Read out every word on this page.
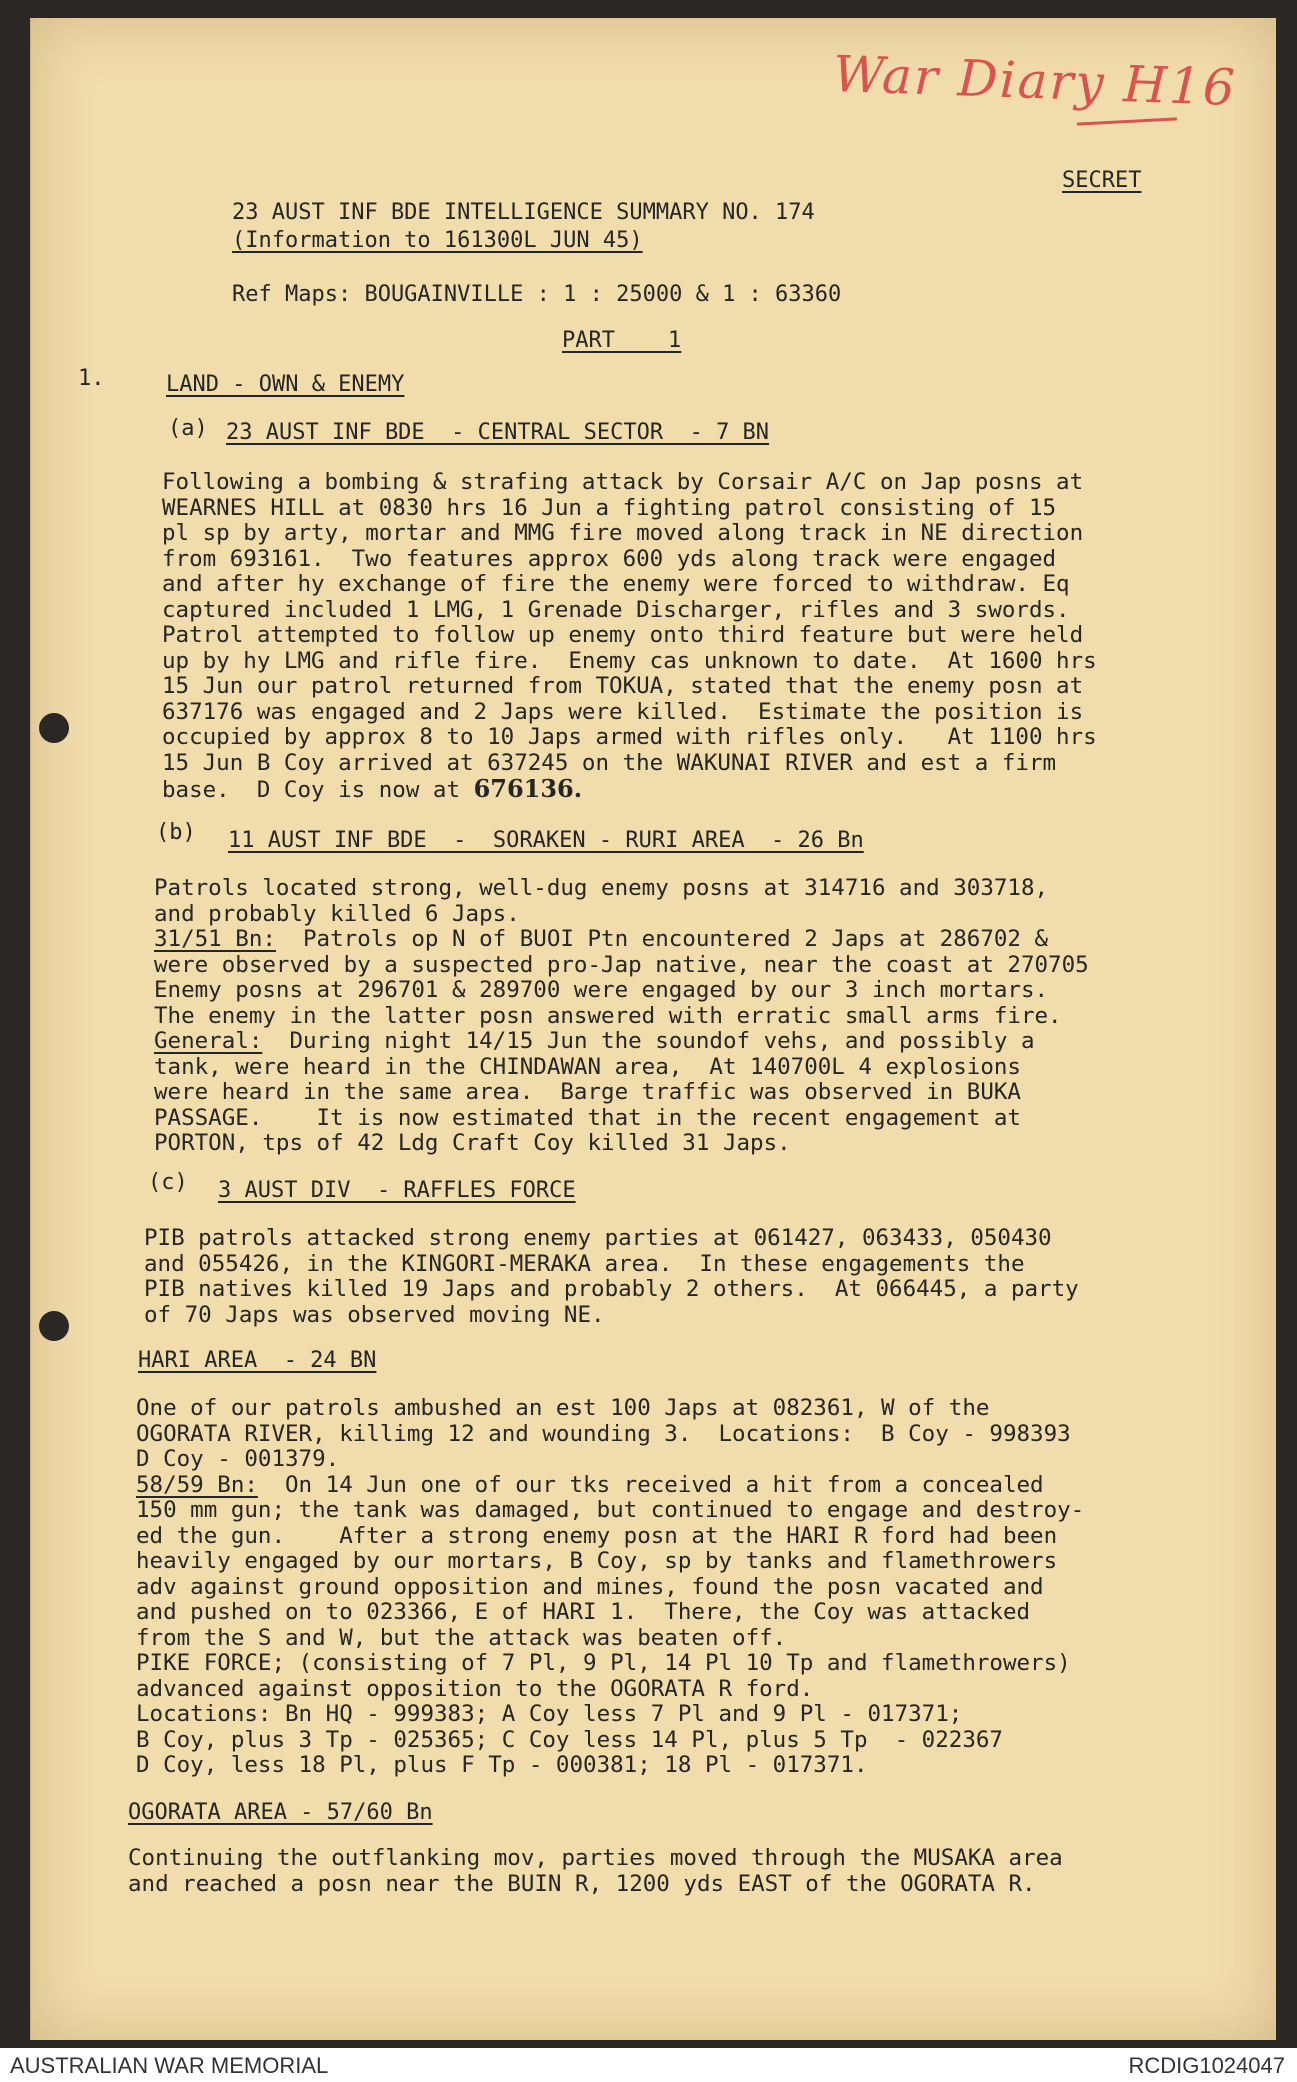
War Diary H16
SECRET
23 AUST INF BDE INTELLIGENCE SUMMARY NO. 174
(Information to 161300L JUN 45)
Ref Maps: BOUGAINVILLE : 1 : 25000 & 1 : 63360
PART    1
1.	LAND - OWN & ENEMY
(a) 23 AUST INF BDE  - CENTRAL SECTOR  - 7 BN
Following a bombing & strafing attack by Corsair A/C on Jap posns at
WEARNES HILL at 0830 hrs 16 Jun a fighting patrol consisting of 15
pl sp by arty, mortar and MMG fire moved along track in NE direction
from 693161.  Two features approx 600 yds along track were engaged
and after hy exchange of fire the enemy were forced to withdraw. Eq
captured included 1 LMG, 1 Grenade Discharger, rifles and 3 swords.
Patrol attempted to follow up enemy onto third feature but were held
up by hy LMG and rifle fire.  Enemy cas unknown to date.  At 1600 hrs
15 Jun our patrol returned from TOKUA, stated that the enemy posn at
637176 was engaged and 2 Japs were killed.  Estimate the position is
occupied by approx 8 to 10 Japs armed with rifles only.   At 1100 hrs
15 Jun B Coy arrived at 637245 on the WAKUNAI RIVER and est a firm
base.  D Coy is now at 676136.
(b) 11 AUST INF BDE  -  SORAKEN - RURI AREA  - 26 Bn
Patrols located strong, well-dug enemy posns at 314716 and 303718,
and probably killed 6 Japs.
31/51 Bn: Patrols op N of BUOI Ptn encountered 2 Japs at 286702 &
were observed by a suspected pro-Jap native, near the coast at 270705
Enemy posns at 296701 & 289700 were engaged by our 3 inch mortars.
The enemy in the latter posn answered with erratic small arms fire.
General: During night 14/15 Jun the soundof vehs, and possibly a
tank, were heard in the CHINDAWAN area,  At 140700L 4 explosions
were heard in the same area.  Barge traffic was observed in BUKA
PASSAGE.    It is now estimated that in the recent engagement at
PORTON, tps of 42 Ldg Craft Coy killed 31 Japs.
(c) 3 AUST DIV  - RAFFLES FORCE
PIB patrols attacked strong enemy parties at 061427, 063433, 050430
and 055426, in the KINGORI-MERAKA area.  In these engagements the
PIB natives killed 19 Japs and probably 2 others.  At 066445, a party
of 70 Japs was observed moving NE.
HARI AREA  - 24 BN
One of our patrols ambushed an est 100 Japs at 082361, W of the
OGORATA RIVER, killimg 12 and wounding 3.  Locations:  B Coy - 998393
D Coy - 001379.
58/59 Bn: On 14 Jun one of our tks received a hit from a concealed
150 mm gun; the tank was damaged, but continued to engage and destroy-
ed the gun.    After a strong enemy posn at the HARI R ford had been
heavily engaged by our mortars, B Coy, sp by tanks and flamethrowers
adv against ground opposition and mines, found the posn vacated and
and pushed on to 023366, E of HARI 1.  There, the Coy was attacked
from the S and W, but the attack was beaten off.
PIKE FORCE; (consisting of 7 Pl, 9 Pl, 14 Pl 10 Tp and flamethrowers)
advanced against opposition to the OGORATA R ford.
Locations: Bn HQ - 999383; A Coy less 7 Pl and 9 Pl - 017371;
B Coy, plus 3 Tp - 025365; C Coy less 14 Pl, plus 5 Tp  - 022367
D Coy, less 18 Pl, plus F Tp - 000381; 18 Pl - 017371.
OGORATA AREA - 57/60 Bn
Continuing the outflanking mov, parties moved through the MUSAKA area
and reached a posn near the BUIN R, 1200 yds EAST of the OGORATA R.
AUSTRALIAN WAR MEMORIAL	RCDIG1024047
